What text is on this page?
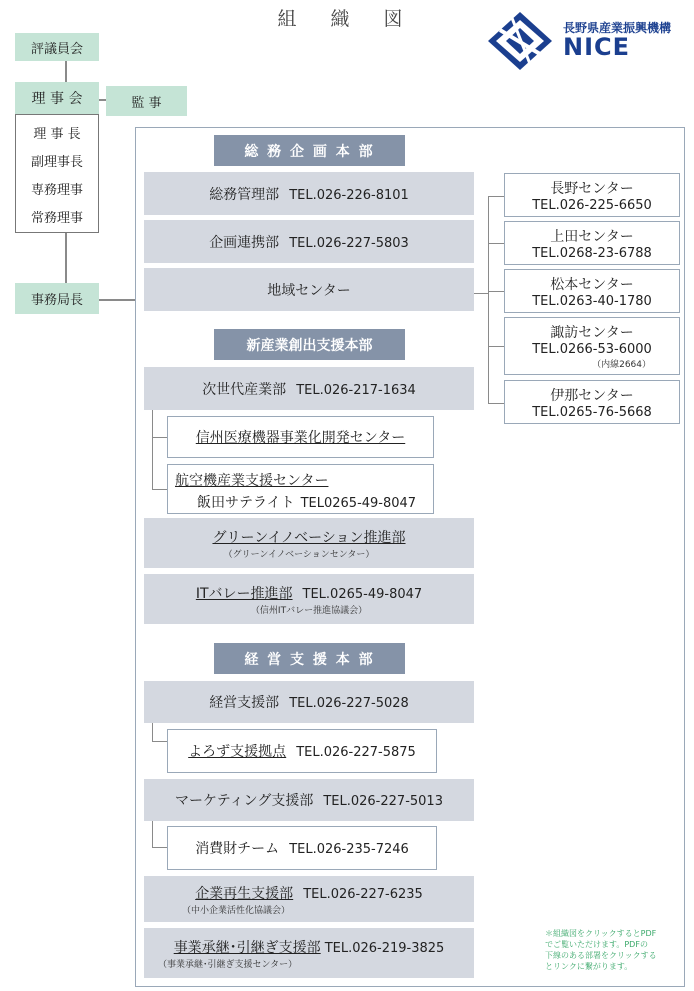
組 織 図	長野県産業振興機構
NICE
評議員会
理 事 会	監 事
理 事 長
副理事長
専務理事
常務理事
事務局長
総 務 企 画 本 部
総務管理部 TEL.026-226-8101
企画連携部 TEL.026-227-5803
地域センター
長野センター
TEL.026-225-6650
上田センター
TEL.0268-23-6788
松本センター
TEL.0263-40-1780
諏訪センター
TEL.0266-53-6000
（内線2664）
伊那センター
TEL.0265-76-5668
新産業創出支援本部
次世代産業部 TEL.026-217-1634
信州医療機器事業化開発センター
航空機産業支援センター
飯田サテライト TEL0265-49-8047
グリーンイノベーション推進部
（グリーンイノベーションセンター）
ITバレー推進部 TEL.0265-49-8047
（信州ITバレー推進協議会）
経 営 支 援 本 部
経営支援部 TEL.026-227-5028
よろず支援拠点 TEL.026-227-5875
マーケティング支援部 TEL.026-227-5013
消費財チーム TEL.026-235-7246
企業再生支援部 TEL.026-227-6235
（中小企業活性化協議会）
事業承継･引継ぎ支援部 TEL.026-219-3825
（事業承継･引継ぎ支援センター）
＊組織図をクリックするとPDF
でご覧いただけます。PDFの
下線のある部署をクリックする
とリンクに繋がります。
